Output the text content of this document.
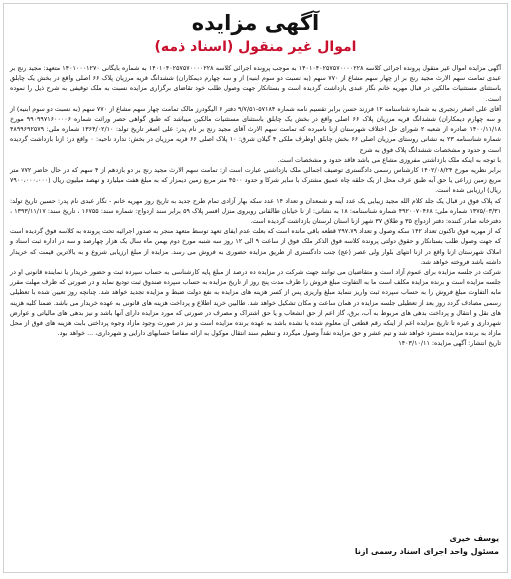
آگهی مزایده
اموال غیر منقول (اسناد ذمه)

آگهی مزایده اموال غیر منقول پرونده اجرائی کلاسه ۱۴۰۱۰۴۰۲۵۷۵۷۰۰۰۰۲۲۸ به موجب پرونده اجرائی کلاسه ۱۴۰۱۰۴۰۲۵۷۵۷۰۰۰۰۲۲۸ به شماره بایگانی ۱۴۰۱۰۰۰۱۲۷۰ متعهد: مجید رنج بر عبدی تمامت سهم الارث مجید رنج بر از چهار سهم مشاع از ۷۷۰ سهم (به نسبت دو سوم ابنیه) از و سه چهارم دیمکاران) ششدانگ قریه مرزیان پلاک ۶۶ اصلی واقع در بخش یک چابلق باستثنای مستثنیات مالکین در قبال مهریه خانم نگار عبدی بازداشت گردیده است و بستانکار جهت وصول طلب خود تقاضای برگزاری مزایده نسبت به ملک توقیفی به شرح ذیل را نموده است.

آقای علی اصغر رنجبری به شماره شناسنامه ۱۲ فرزند حسن برابر تقسیم نامه شماره ۵۷۱۸۴-۹/۷/۵۱ دفتر ۶ الیگودرز مالک تمامت چهار سهم مشاع از ۷۷۰ سهم (به نسبت دو سوم ابنیه) از و سه چهارم دیمکاران) ششدانگ قریه مرزیان پلاک ۶۶ اصلی واقع در بخش یک چابلق باستثنای مستثنیات مالکین میباشد که طبق گواهی حصر وراثت شماره ۹۹۰۹۹۷۱۶۰۰۰۰۶ مورخ ۱۴۰۰/۱۱/۱۸ صادره از شعبه ۲ شورای حل اختلاف شهرستان ازنا نامبرده که تمامت سهم الارث آقای مجید رنج بر نام پدر: علی اصغر تاریخ تولد: ۱۳۶۴/۰۲/۱۰ شماره ملی: ۴۸۹۹۶۹۲۵۷۹ شماره شناسنامه ۲۳ به نشانی روستای مرزیان اصلی ۶۶ بخش چابلق اوطرف ملکی ۴ گیلان شرق: ۱۰ پلاک اصلی ۶۶ قریه مرزیان در بخش: ندارد ناحیه: ۰ واقع در: ازنا بازداشت گردیده است و حدود و مشخصات ششدانگ پلاک فوق به شرح

با توجه به اینکه ملک بازداشتی مفروزی مشاع می باشد فاقد حدود و مشخصات است.

برابر نظریه مورخ ۱۴۰۲/۰۸/۲۴ کارشناس رسمی دادگستری توصیف اجمالی ملک بازداشتی عبارت است از: تمامت سهم الارث مجید رنج بر دو بازدهم از ۴ سهم که در حال حاضر ۷۷۲ متر مربع زمین زراعی یا حق آبه طبق عرف محل از یک حلقه چاه عمیق مشترک با سایر شرکا و حدود ۴۵۰۰ متر مربع زمین دیمزار که به مبلغ هفت میلیارد و نهصد میلیون ریال (۷۹۰۰،۰۰۰،۰۰۰ ریال) ارزیابی شده است.

که پلاک فوق در قبال یک جلد کلام الله مجید زیبایی یک عدد آینه و شمعدان و تعداد ۱۴ عدد سکه بهار آزادی تمام طرح جدید به تاریخ روز مهریه خانم - نگار عبدی نام پدر: حسین تاریخ تولد: ۱۳۷۵/۰۳/۳۱ شماره ملی: ۴۹۲۰۰۷۰۴۶۸ شماره شناسنامه: ۱۸ به نشانی: از نا خیابان طالقانی روبروی منزل افسر پلاک ۵۹ برابر سند ازدواج: شماره سند: ۱۶۷۵۵ ، تاریخ سند: ۱۳۹۳/۱۱/۱۷ ، دفترخانه صادر کننده: دفتر ازدواج ۳۵ و طلاق ۳۷ شهر ازنا استان لرستان بازداشت گردیده است.

که از مهریه فوق تاکنون تعداد ۱۴۲ سکه وصول و تعداد ۲۹۷.۷۹ قطعه باقی مانده است که بعلت عدم ایفای تعهد توسط متعهد منجر به صدور اجرائیه تحت پرونده به کلاسه فوق گردیده است که جهت وصول طلب بستانکار و حقوق دولتی پرونده کلاسه فوق الذکر ملک فوق از ساعت ۹ الی ۱۲ روز سه شنبه مورخ دوم بهمن ماه سال یک هزار چهارصد و سه در اداره ثبت اسناد و املاک شهرستان ازنا واقع در ازنا انتهای بلوار ولی عصر (عج) جنب دادگستری از طریق مزایده حضوری به فروش می رسد. مزایده از مبلغ ارزیابی شروع و به بالاترین قیمت که خریدار داشته باشد فروخته خواهد شد.

شرکت در جلسه مزایده برای عموم آزاد است و متقاضیان می توانند جهت شرکت در مزایده ده درصد از مبلغ پایه کارشناسی به حساب سپرده ثبت و حضور خریدار یا نماینده قانونی او در جلسه مزایده است و برنده مزایده مکلف است ما به التفاوت مبلغ فروش را ظرف مدت پنج روز از تاریخ مزایده به حساب سپرده صندوق ثبت تودیع نماید و در صورتی که ظرف مهلت مقرر مابه التفاوت مبلغ فروش را به حساب سپرده ثبت واریز ننماید مبلغ واریزی پس از کسر هزینه های مزایده به نفع دولت ضبط و مزایده تجدید خواهد شد. چنانچه روز تعیین شده با تعطیلی رسمی مصادف گردد روز بعد از تعطیلی جلسه مزایده در همان ساعت و مکان تشکیل خواهد شد. طالبین خرید اطلاع و پرداخت هزینه های قانونی به عهده خریدار می باشد. ضمنا کلیه هزینه های نقل و انتقال و پرداخت بدهی های مربوط به آب، برق، گاز اعم از حق انشعاب و یا حق اشتراک و مصرف در صورتی که مورد مزایده دارای آنها باشد و نیز بدهی های مالیاتی و عوارض شهرداری و غیره تا تاریخ مزایده اعم از اینکه رقم قطعی آن معلوم شده یا نشده باشد به عهده برنده مزایده است و نیز در صورت وجود مازاد وجوه پرداختی بابت هزینه های فوق از محل مازاد به برنده مزایده مسترد خواهد شد و تیم عشر و حق مزایده نقداً وصول میگردد و تنظیم سند انتقال موکول به ارائه مفاصا حسابهای دارایی و شهرداری، ... خواهد بود.

تاریخ انتشار: آگهی مزایده: ۱۴۰۳/۱۰/۱۱

یوسف خیری
مسئول واحد اجرای اسناد رسمی ازنا
